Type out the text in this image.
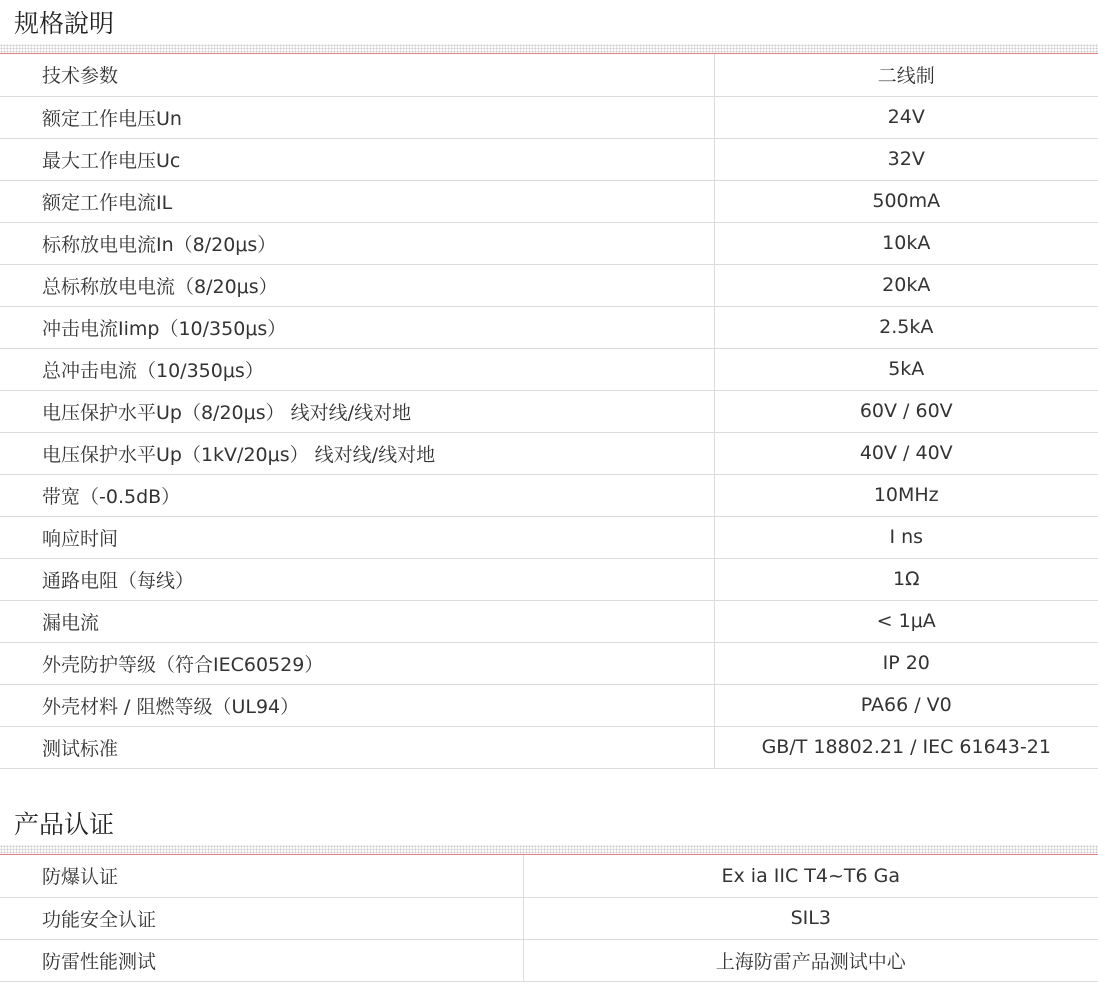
规格說明
技术参数	二线制
额定工作电压Un	24V
最大工作电压Uc	32V
额定工作电流IL	500mA
标称放电电流In（8/20μs）	10kA
总标称放电电流（8/20μs）	20kA
冲击电流Iimp（10/350μs）	2.5kA
总冲击电流（10/350μs）	5kA
电压保护水平Up（8/20μs） 线对线/线对地	60V / 60V
电压保护水平Up（1kV/20μs） 线对线/线对地	40V / 40V
带宽（-0.5dB）	10MHz
响应时间	I ns
通路电阻（每线）	1Ω
漏电流	< 1μA
外壳防护等级（符合IEC60529）	IP 20
外壳材料 / 阻燃等级（UL94）	PA66 / V0
测试标准	GB/T 18802.21 / IEC 61643-21
产品认证
防爆认证	Ex ia IIC T4~T6 Ga
功能安全认证	SIL3
防雷性能测试	上海防雷产品测试中心
